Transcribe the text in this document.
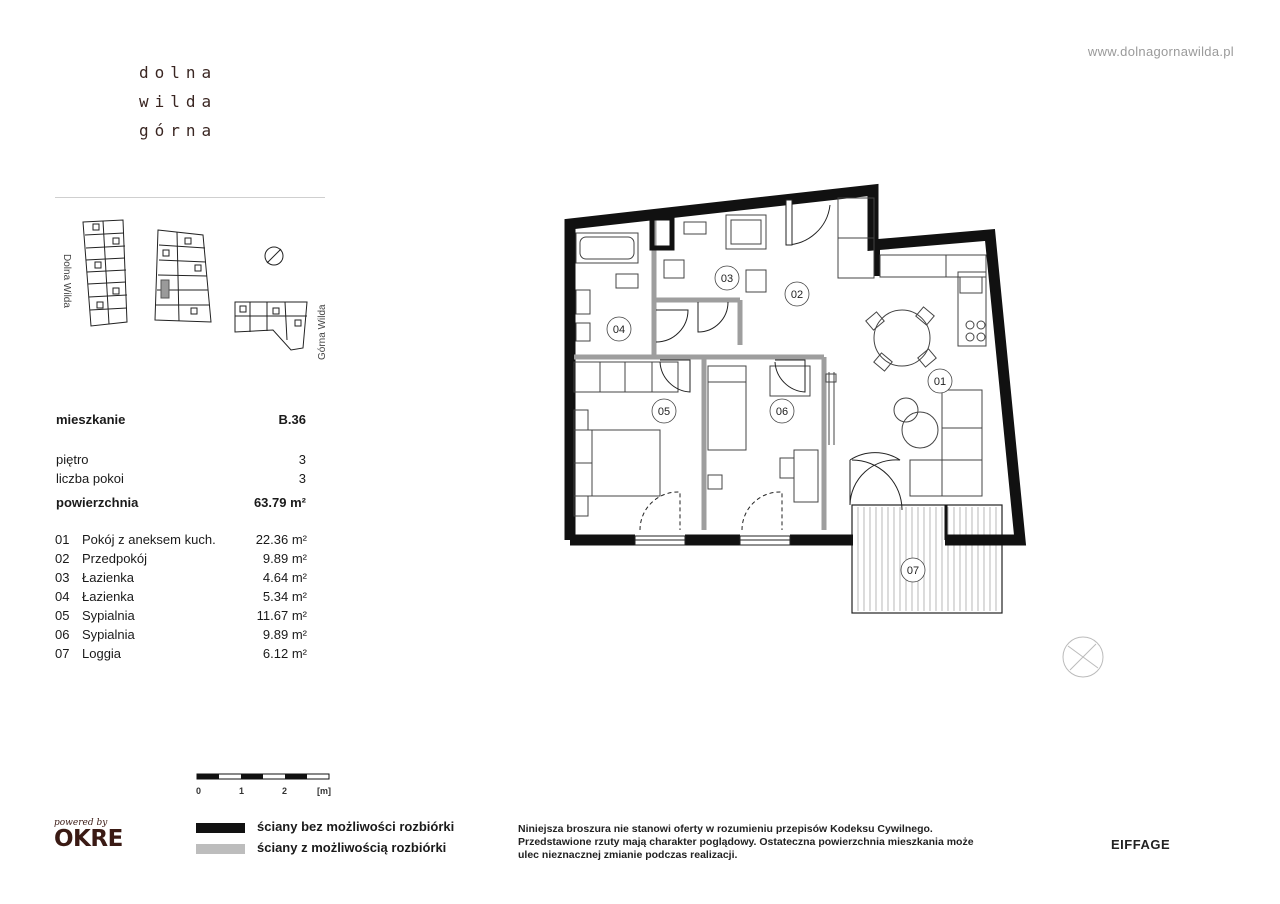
dolna
wilda
górna
www.dolnagornawilda.pl
Dolna Wilda
Górna Wilda
mieszkanie	B.36
piętro	3
liczba pokoi	3
powierzchnia	63.79 m²
01 Pokój z aneksem kuch.	22.36 m²
02 Przedpokój	9.89 m²
03 Łazienka	4.64 m²
04 Łazienka	5.34 m²
05 Sypialnia	11.67 m²
06 Sypialnia	9.89 m²
07 Loggia	6.12 m²
01
02
03
04
05	06
07
0	1	2	[m]
ściany bez możliwości rozbiórki
ściany z możliwością rozbiórki
powered by
OKRE	Niniejsza broszura nie stanowi oferty w rozumieniu przepisów Kodeksu Cywilnego.
Przedstawione rzuty mają charakter poglądowy. Ostateczna powierzchnia mieszkania może
ulec nieznacznej zmianie podczas realizacji.
EIFFAGE
